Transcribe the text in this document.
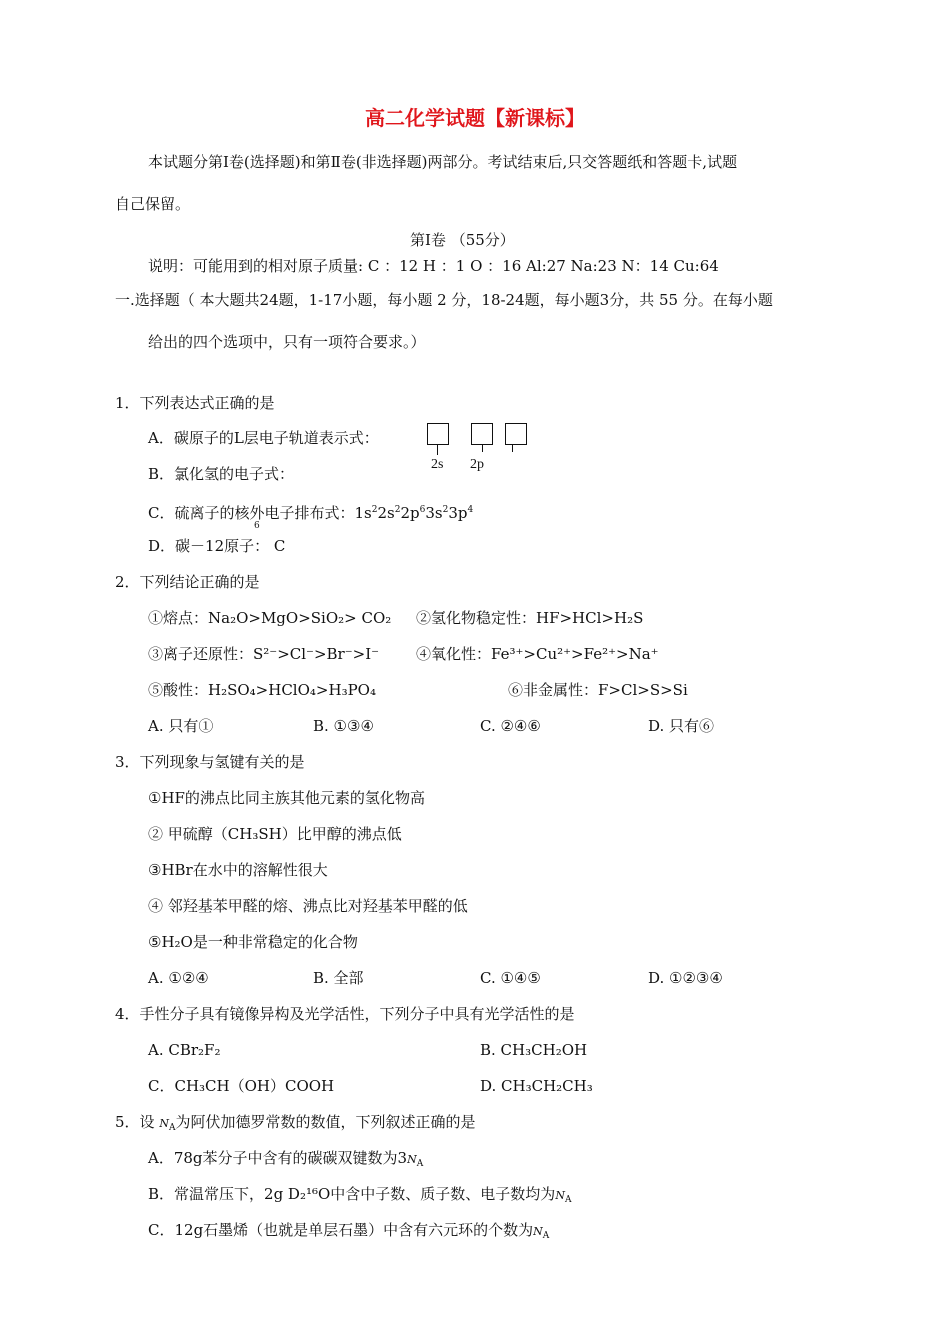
高二化学试题【新课标】
本试题分第Ⅰ卷(选择题)和第Ⅱ卷(非选择题)两部分。考试结束后,只交答题纸和答题卡,试题
自己保留。
第Ⅰ卷 （55分）
说明：可能用到的相对原子质量: C ：12 H ：1 O ：16 Al:27 Na:23 N：14 Cu:64
一.选择题（ 本大题共24题，1-17小题，每小题 2 分，18-24题，每小题3分，共 55 分。在每小题
给出的四个选项中，只有一项符合要求。）
1．下列表达式正确的是
A．碳原子的L层电子轨道表示式：
2s 2p
B．氯化氢的电子式：
C．硫离子的核外电子排布式：$1s^22s^22p^63s^23p^4$
6
D．碳－12原子： C
2．下列结论正确的是
①熔点：Na₂O>MgO>SiO₂> CO₂ ②氢化物稳定性：HF>HCl>H₂S
③离子还原性：S²⁻>Cl⁻>Br⁻>I⁻ ④氧化性：Fe³⁺>Cu²⁺>Fe²⁺>Na⁺
⑤酸性：H₂SO₄>HClO₄>H₃PO₄	⑥非金属性：F>Cl>S>Si
A. 只有①	B. ①③④	C. ②④⑥	D. 只有⑥
3．下列现象与氢键有关的是
①HF的沸点比同主族其他元素的氢化物高
② 甲硫醇（CH₃SH）比甲醇的沸点低
③HBr在水中的溶解性很大
④ 邻羟基苯甲醛的熔、沸点比对羟基苯甲醛的低
⑤H₂O是一种非常稳定的化合物
A. ①②④	B. 全部	C. ①④⑤	D. ①②③④
4．手性分子具有镜像异构及光学活性，下列分子中具有光学活性的是
A. CBr₂F₂	B. CH₃CH₂OH
C．CH₃CH（OH）COOH	D. CH₃CH₂CH₃
5．设 $N_A$为阿伏加德罗常数的数值，下列叙述正确的是
A．78g苯分子中含有的碳碳双键数为$3N_A$
B．常温常压下，2g D₂¹⁶O中含中子数、质子数、电子数均为$N_A$
C．12g石墨烯（也就是单层石墨）中含有六元环的个数为$N_A$
